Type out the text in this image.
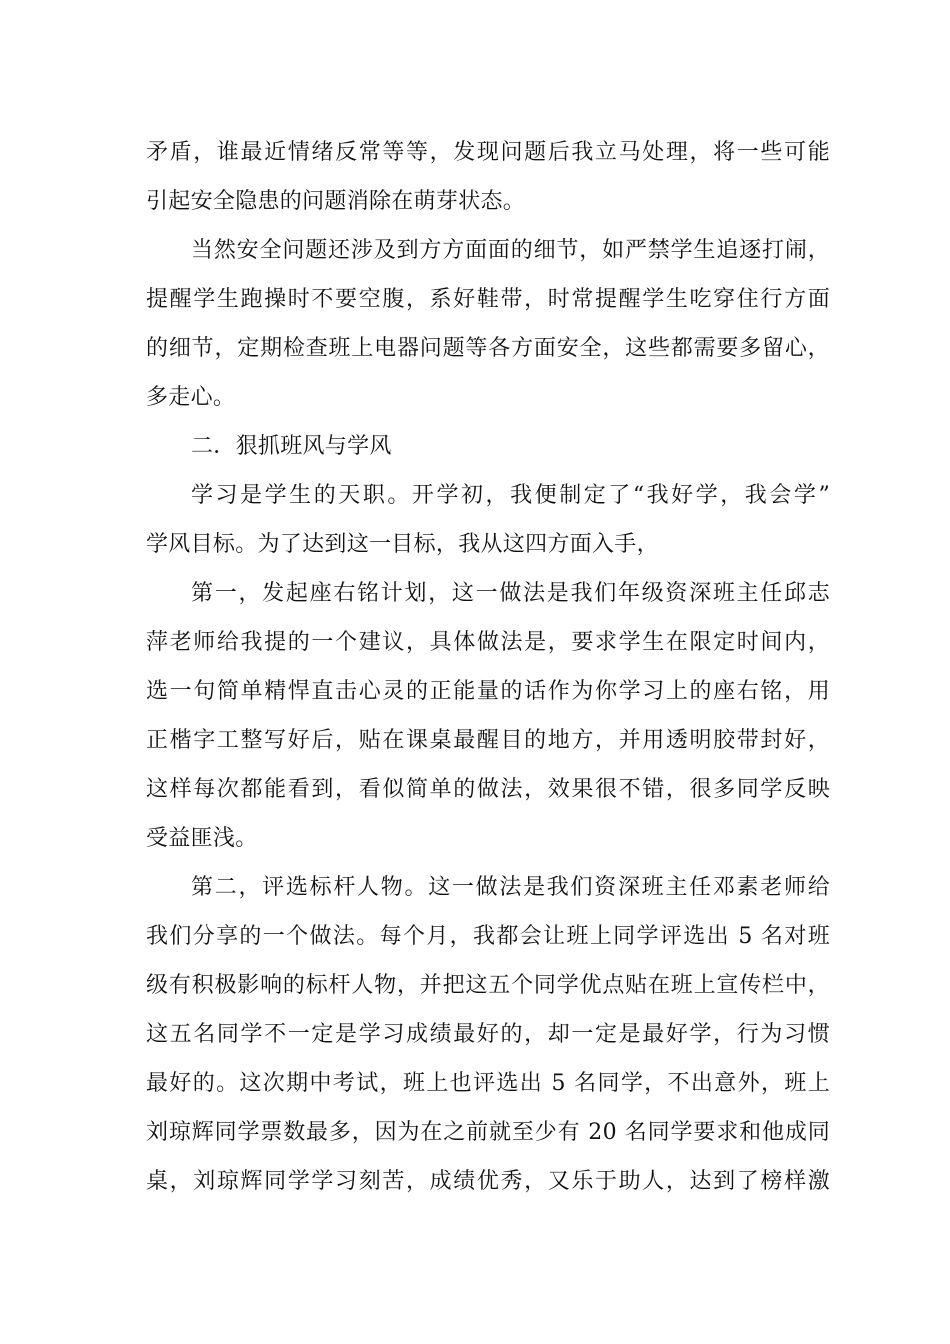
矛盾，谁最近情绪反常等等，发现问题后我立马处理，将一些可能
引起安全隐患的问题消除在萌芽状态。
当然安全问题还涉及到方方面面的细节，如严禁学生追逐打闹，
提醒学生跑操时不要空腹，系好鞋带，时常提醒学生吃穿住行方面
的细节，定期检查班上电器问题等各方面安全，这些都需要多留心，
多走心。
二．狠抓班风与学风
学习是学生的天职。开学初，我便制定了“我好学，我会学”
学风目标。为了达到这一目标，我从这四方面入手，
第一，发起座右铭计划，这一做法是我们年级资深班主任邱志
萍老师给我提的一个建议，具体做法是，要求学生在限定时间内，
选一句简单精悍直击心灵的正能量的话作为你学习上的座右铭，用
正楷字工整写好后，贴在课桌最醒目的地方，并用透明胶带封好，
这样每次都能看到，看似简单的做法，效果很不错，很多同学反映
受益匪浅。
第二，评选标杆人物。这一做法是我们资深班主任邓素老师给
我们分享的一个做法。每个月，我都会让班上同学评选出 5 名对班
级有积极影响的标杆人物，并把这五个同学优点贴在班上宣传栏中，
这五名同学不一定是学习成绩最好的，却一定是最好学，行为习惯
最好的。这次期中考试，班上也评选出 5 名同学，不出意外，班上
刘琼辉同学票数最多，因为在之前就至少有 20 名同学要求和他成同
桌，刘琼辉同学学习刻苦，成绩优秀，又乐于助人，达到了榜样激
